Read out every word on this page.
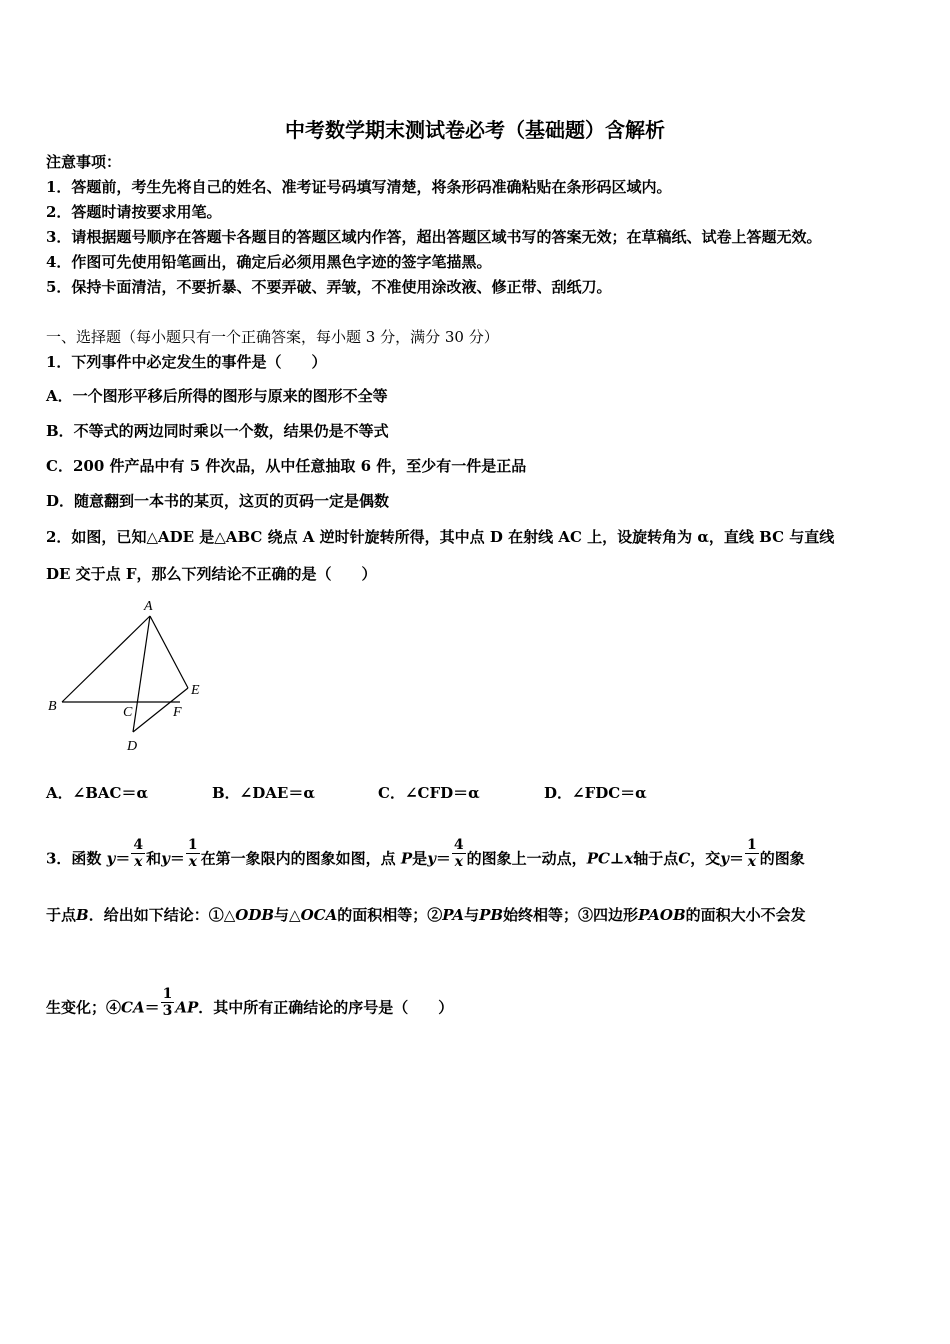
中考数学期末测试卷必考（基础题）含解析
注意事项：
1．答题前，考生先将自己的姓名、准考证号码填写清楚，将条形码准确粘贴在条形码区域内。
2．答题时请按要求用笔。
3．请根据题号顺序在答题卡各题目的答题区域内作答，超出答题区域书写的答案无效；在草稿纸、试卷上答题无效。
4．作图可先使用铅笔画出，确定后必须用黑色字迹的签字笔描黑。
5．保持卡面清洁，不要折暴、不要弄破、弄皱，不准使用涂改液、修正带、刮纸刀。
一、选择题（每小题只有一个正确答案，每小题 3 分，满分 30 分）
1．下列事件中必定发生的事件是（　　）
A．一个图形平移后所得的图形与原来的图形不全等
B．不等式的两边同时乘以一个数，结果仍是不等式
C．200 件产品中有 5 件次品，从中任意抽取 6 件，至少有一件是正品
D．随意翻到一本书的某页，这页的页码一定是偶数
2．如图，已知△ADE 是△ABC 绕点 A 逆时针旋转所得，其中点 D 在射线 AC 上，设旋转角为 α，直线 BC 与直线
DE 交于点 F，那么下列结论不正确的是（　　）
A
B	C
D
E
F
A．∠BAC＝α	B．∠DAE＝α	C．∠CFD＝α	D．∠FDC＝α
3．函数 $y= \frac{4}{x}$ 和$y= \frac{1}{x}$ 在第一象限内的图象如图，点 P是$y= \frac{4}{x}$ 的图象上一动点，PC⊥x轴于点C，交$y= \frac{1}{x}$ 的图象
于点B．给出如下结论：①△ODB与△OCA的面积相等；②PA与PB始终相等；③四边形PAOB的面积大小不会发
生变化；④CA＝ $\frac{1}{3}$ AP．其中所有正确结论的序号是（　　）
